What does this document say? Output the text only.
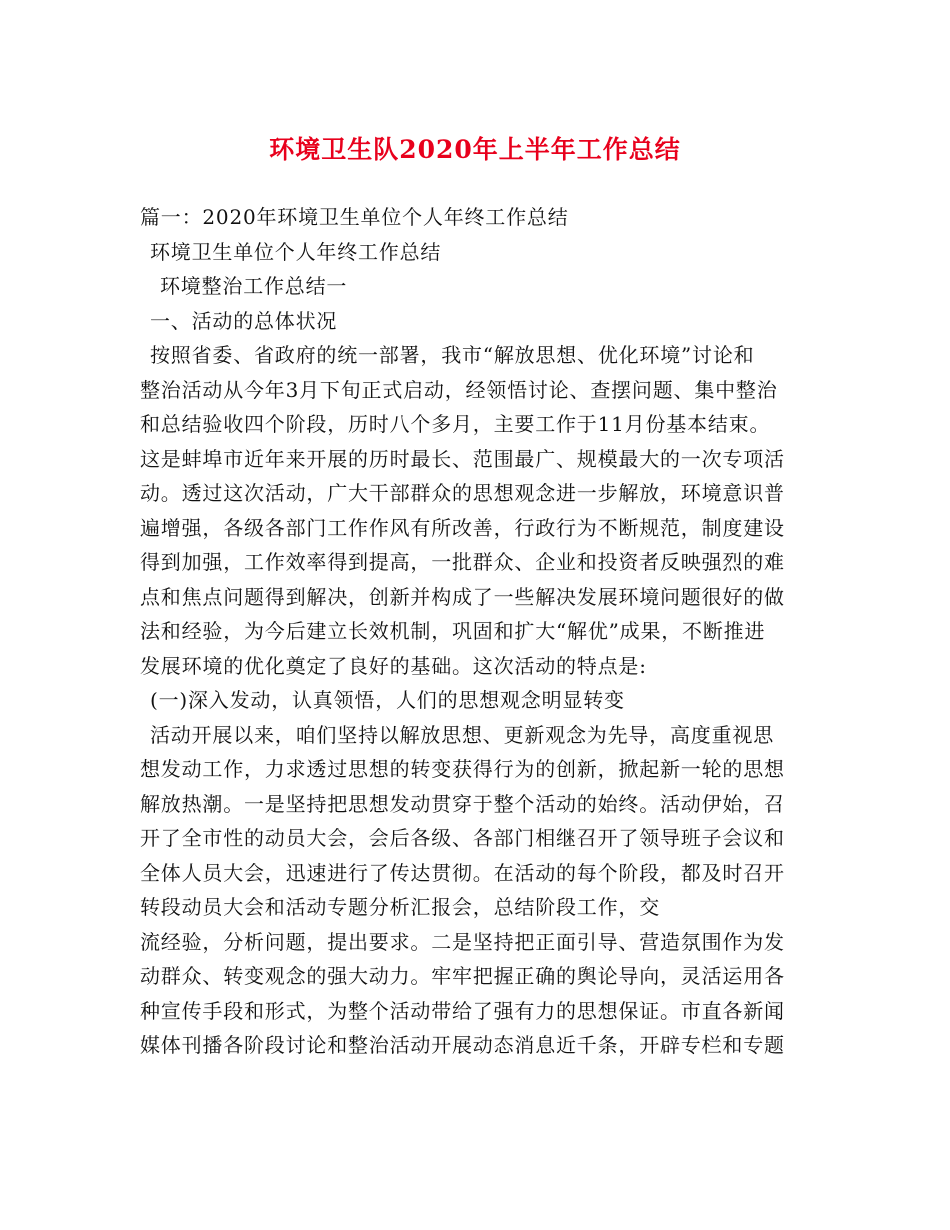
环境卫生队2020年上半年工作总结
篇一：2020年环境卫生单位个人年终工作总结
环境卫生单位个人年终工作总结
环境整治工作总结一
一、活动的总体状况
按照省委、省政府的统一部署，我市“解放思想、优化环境”讨论和
整治活动从今年3月下旬正式启动，经领悟讨论、查摆问题、集中整治
和总结验收四个阶段，历时八个多月，主要工作于11月份基本结束。
这是蚌埠市近年来开展的历时最长、范围最广、规模最大的一次专项活
动。透过这次活动，广大干部群众的思想观念进一步解放，环境意识普
遍增强，各级各部门工作作风有所改善，行政行为不断规范，制度建设
得到加强，工作效率得到提高，一批群众、企业和投资者反映强烈的难
点和焦点问题得到解决，创新并构成了一些解决发展环境问题很好的做
法和经验，为今后建立长效机制，巩固和扩大“解优”成果，不断推进
发展环境的优化奠定了良好的基础。这次活动的特点是:
(一)深入发动，认真领悟，人们的思想观念明显转变
活动开展以来，咱们坚持以解放思想、更新观念为先导，高度重视思
想发动工作，力求透过思想的转变获得行为的创新，掀起新一轮的思想
解放热潮。一是坚持把思想发动贯穿于整个活动的始终。活动伊始，召
开了全市性的动员大会，会后各级、各部门相继召开了领导班子会议和
全体人员大会，迅速进行了传达贯彻。在活动的每个阶段，都及时召开
转段动员大会和活动专题分析汇报会，总结阶段工作，交
流经验，分析问题，提出要求。二是坚持把正面引导、营造氛围作为发
动群众、转变观念的强大动力。牢牢把握正确的舆论导向，灵活运用各
种宣传手段和形式，为整个活动带给了强有力的思想保证。市直各新闻
媒体刊播各阶段讨论和整治活动开展动态消息近千条，开辟专栏和专题
